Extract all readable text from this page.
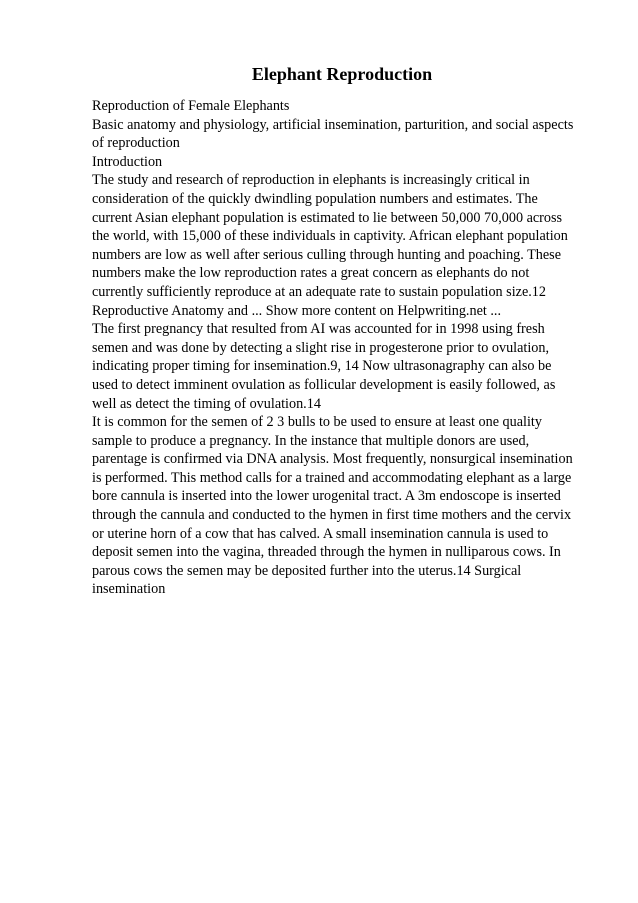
Elephant Reproduction
Reproduction of Female Elephants
Basic anatomy and physiology, artificial insemination, parturition, and social aspects
of reproduction
Introduction
The study and research of reproduction in elephants is increasingly critical in
consideration of the quickly dwindling population numbers and estimates. The
current Asian elephant population is estimated to lie between 50,000 70,000 across
the world, with 15,000 of these individuals in captivity. African elephant population
numbers are low as well after serious culling through hunting and poaching. These
numbers make the low reproduction rates a great concern as elephants do not
currently sufficiently reproduce at an adequate rate to sustain population size.12
Reproductive Anatomy and ... Show more content on Helpwriting.net ...
The first pregnancy that resulted from AI was accounted for in 1998 using fresh
semen and was done by detecting a slight rise in progesterone prior to ovulation,
indicating proper timing for insemination.9, 14 Now ultrasonagraphy can also be
used to detect imminent ovulation as follicular development is easily followed, as
well as detect the timing of ovulation.14
It is common for the semen of 2 3 bulls to be used to ensure at least one quality
sample to produce a pregnancy. In the instance that multiple donors are used,
parentage is confirmed via DNA analysis. Most frequently, nonsurgical insemination
is performed. This method calls for a trained and accommodating elephant as a large
bore cannula is inserted into the lower urogenital tract. A 3m endoscope is inserted
through the cannula and conducted to the hymen in first time mothers and the cervix
or uterine horn of a cow that has calved. A small insemination cannula is used to
deposit semen into the vagina, threaded through the hymen in nulliparous cows. In
parous cows the semen may be deposited further into the uterus.14 Surgical
insemination
